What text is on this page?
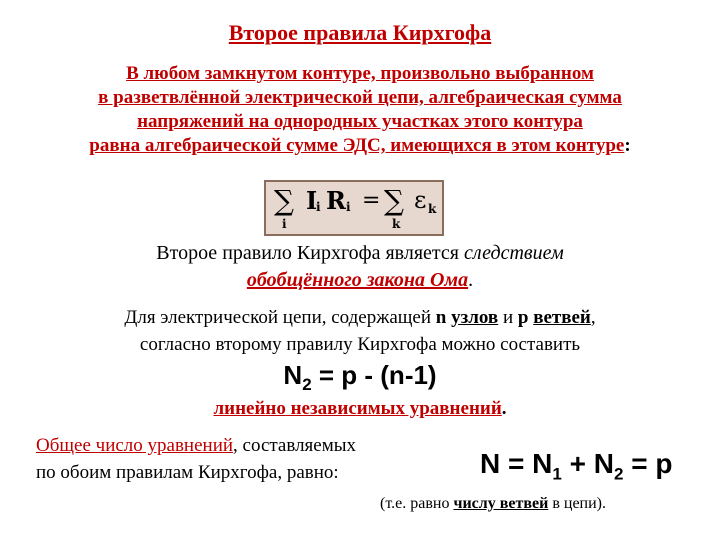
Второе правила Кирхгофа
В любом замкнутом контуре, произвольно выбранном
в разветвлённой электрической цепи, алгебраическая сумма
напряжений на однородных участках этого контура
равна алгебраической сумме ЭДС, имеющихся в этом контуре:
∑
i
I
i R i = ∑
k
ε k
Второе правило Кирхгофа является следствием
обобщённого закона Ома.
Для электрической цепи, содержащей n узлов и p ветвей,
согласно второму правилу Кирхгофа можно составить
$N_2 = p - (n-1)$
линейно независимых уравнений.
Общее число уравнений, составляемых
по обоим правилам Кирхгофа, равно:	$N = N_1 + N_2 = p$
(т.е. равно числу ветвей в цепи).
